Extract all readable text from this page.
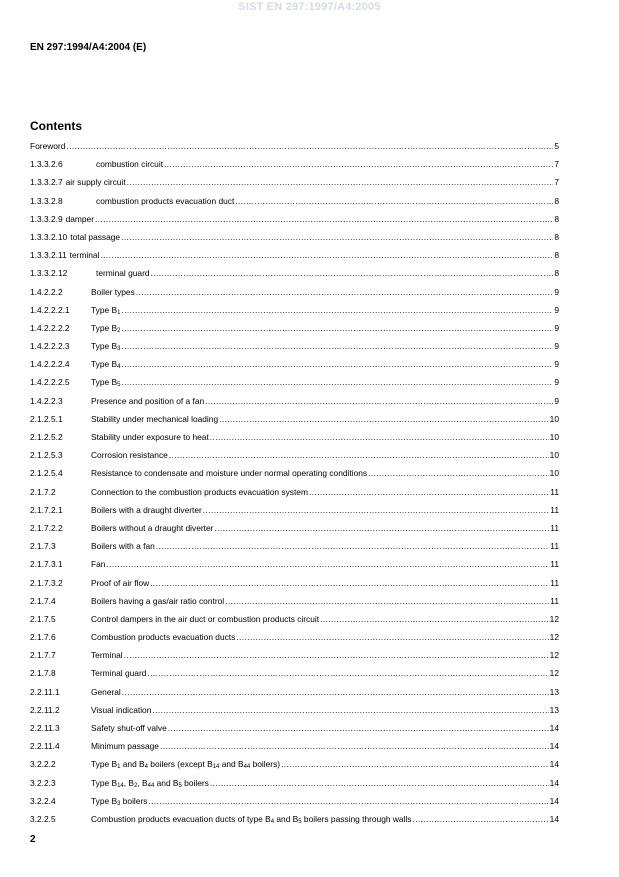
SIST EN 297:1997/A4:2005
EN 297:1994/A4:2004 (E)
Contents
Foreword .....	5
1.3.3.2.6	combustion circuit .....	7
1.3.3.2.7 air supply circuit .....	7
1.3.3.2.8	combustion products evacuation duct .....	8
1.3.3.2.9 damper .....	8
1.3.3.2.10 total passage .....	8
1.3.3.2.11 terminal .....	8
1.3.3.2.12	terminal guard .....	8
1.4.2.2.2	Boiler types .....	9
1.4.2.2.2.1	Type $B_1$ .....	9
1.4.2.2.2.2	Type $B_2$ .....	9
1.4.2.2.2.3	Type $B_3$ .....	9
1.4.2.2.2.4	Type $B_4$ .....	9
1.4.2.2.2.5	Type $B_5$ .....	9
1.4.2.2.3	Presence and position of a fan .....	9
2.1.2.5.1	Stability under mechanical loading .....	10
2.1.2.5.2	Stability under exposure to heat .....	10
2.1.2.5.3	Corrosion resistance .....	10
2.1.2.5.4	Resistance to condensate and moisture under normal operating conditions .....	10
2.1.7.2	Connection to the combustion products evacuation system .....	11
2.1.7.2.1	Boilers with a draught diverter .....	11
2.1.7.2.2	Boilers without a draught diverter .....	11
2.1.7.3	Boilers with a fan .....	11
2.1.7.3.1	Fan .....	11
2.1.7.3.2	Proof of air flow .....	11
2.1.7.4	Boilers having a gas/air ratio control .....	11
2.1.7.5	Control dampers in the air duct or combustion products circuit .....	12
2.1.7.6	Combustion products evacuation ducts .....	12
2.1.7.7	Terminal .....	12
2.1.7.8	Terminal guard .....	12
2.2.11.1	General .....	13
2.2.11.2	Visual indication .....	13
2.2.11.3	Safety shut-off valve .....	14
2.2.11.4	Minimum passage .....	14
3.2.2.2	Type $B_1$ and $B_4$ boilers (except $B_{14}$ and $B_{44}$ boilers) .....	14
3.2.2.3	Type $B_{14}$, $B_2$, $B_{44}$ and $B_5$ boilers .....	14
3.2.2.4	Type $B_3$ boilers .....	14
3.2.2.5	Combustion products evacuation ducts of type $B_4$ and $B_5$ boilers passing through walls .....	14
2
